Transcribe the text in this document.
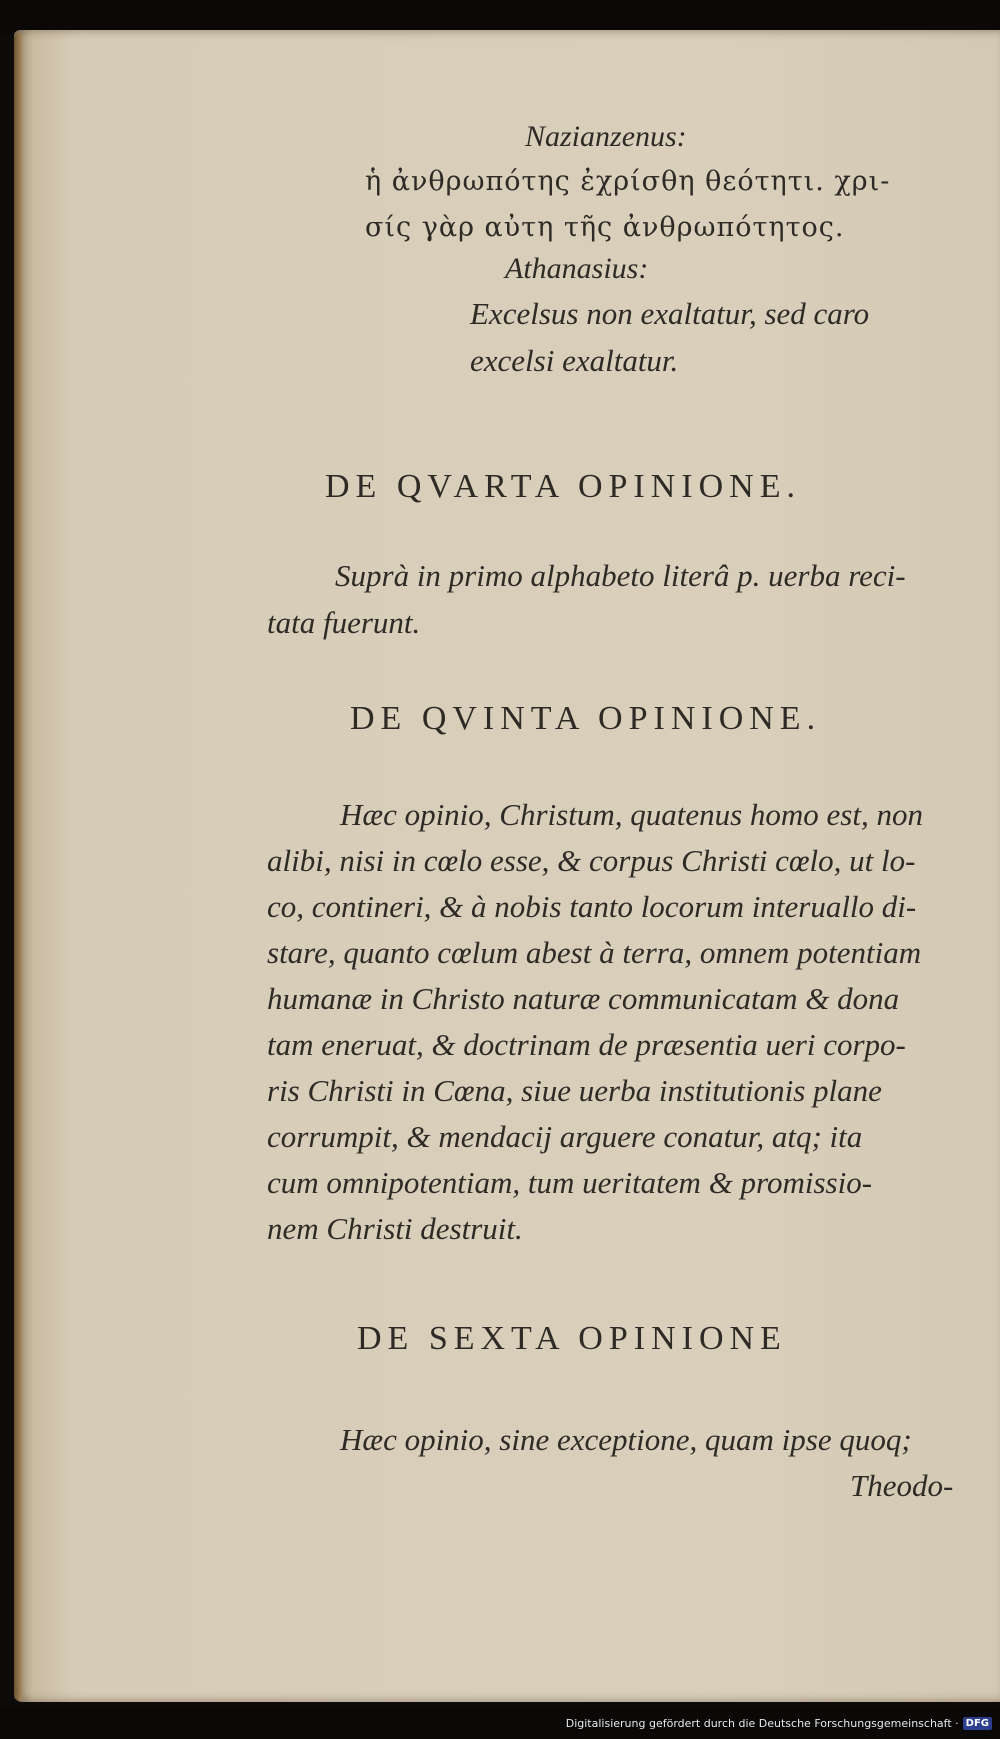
Nazianzenus:
ἡ ἀνθρωπότης ἐχρίσθη θεότητι. χρι-
σίς γὰρ αὐτη τῆς ἀνθρωπότητος.
Athanasius:
Excelsus non exaltatur, sed caro
excelsi exaltatur.
DE QVARTA OPINIONE.
Suprà in primo alphabeto literâ p. uerba reci-
tata fuerunt.
DE QVINTA OPINIONE.
Hæc opinio, Christum, quatenus homo est, non
alibi, nisi in cœlo esse, & corpus Christi cœlo, ut lo-
co, contineri, & à nobis tanto locorum interuallo di-
stare, quanto cœlum abest à terra, omnem potentiam
humanæ in Christo naturæ communicatam & dona
tam eneruat, & doctrinam de præsentia ueri corpo-
ris Christi in Cœna, siue uerba institutionis plane
corrumpit, & mendacij arguere conatur, atq; ita
cum omnipotentiam, tum ueritatem & promissio-
nem Christi destruit.
DE SEXTA OPINIONE
Hæc opinio, sine exceptione, quam ipse quoq;
Theodo-
Digitalisierung gefördert durch die Deutsche Forschungsgemeinschaft · DFG
